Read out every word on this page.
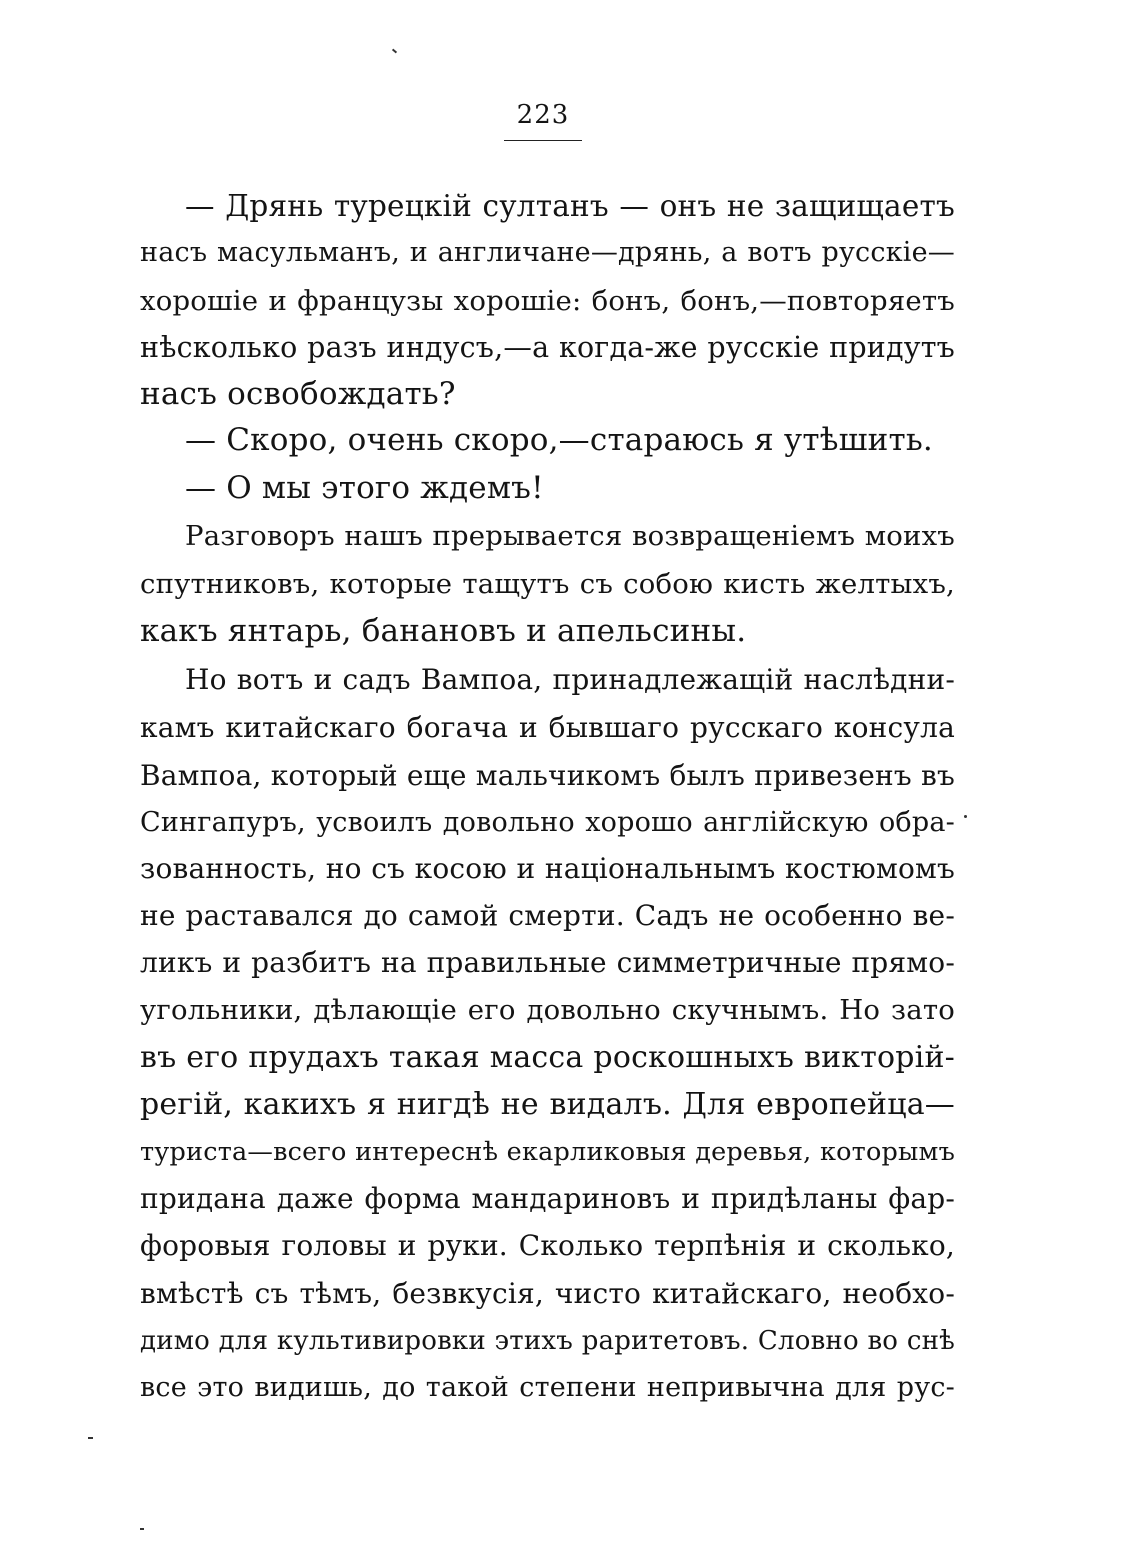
223
— Дрянь турецкій султанъ — онъ не защищаетъ
насъ масульманъ, и англичане—дрянь, а вотъ русскіе—
хорошіе и французы хорошіе: бонъ, бонъ,—повторяетъ
нѣсколько разъ индусъ,—а когда-же русскіе придутъ
насъ освобождать?
— Скоро, очень скоро,—стараюсь я утѣшить.
— О мы этого ждемъ!
Разговоръ нашъ прерывается возвращеніемъ моихъ
спутниковъ, которые тащутъ съ собою кисть желтыхъ,
какъ янтарь, банановъ и апельсины.
Но вотъ и садъ Вампоа, принадлежащій наслѣдни-
камъ китайскаго богача и бывшаго русскаго консула
Вампоа, который еще мальчикомъ былъ привезенъ въ
Сингапуръ, усвоилъ довольно хорошо англійскую обра-
зованность, но съ косою и національнымъ костюмомъ
не раставался до самой смерти. Садъ не особенно ве-
ликъ и разбитъ на правильные симметричные прямо-
угольники, дѣлающіе его довольно скучнымъ. Но зато
въ его прудахъ такая масса роскошныхъ викторій-
регій, какихъ я нигдѣ не видалъ. Для европейца—
туриста—всего интереснѣ екарликовыя деревья, которымъ
придана даже форма мандариновъ и придѣланы фар-
форовыя головы и руки. Сколько терпѣнія и сколько,
вмѣстѣ съ тѣмъ, безвкусія, чисто китайскаго, необхо-
димо для культивировки этихъ раритетовъ. Словно во снѣ
все это видишь, до такой степени непривычна для рус-
